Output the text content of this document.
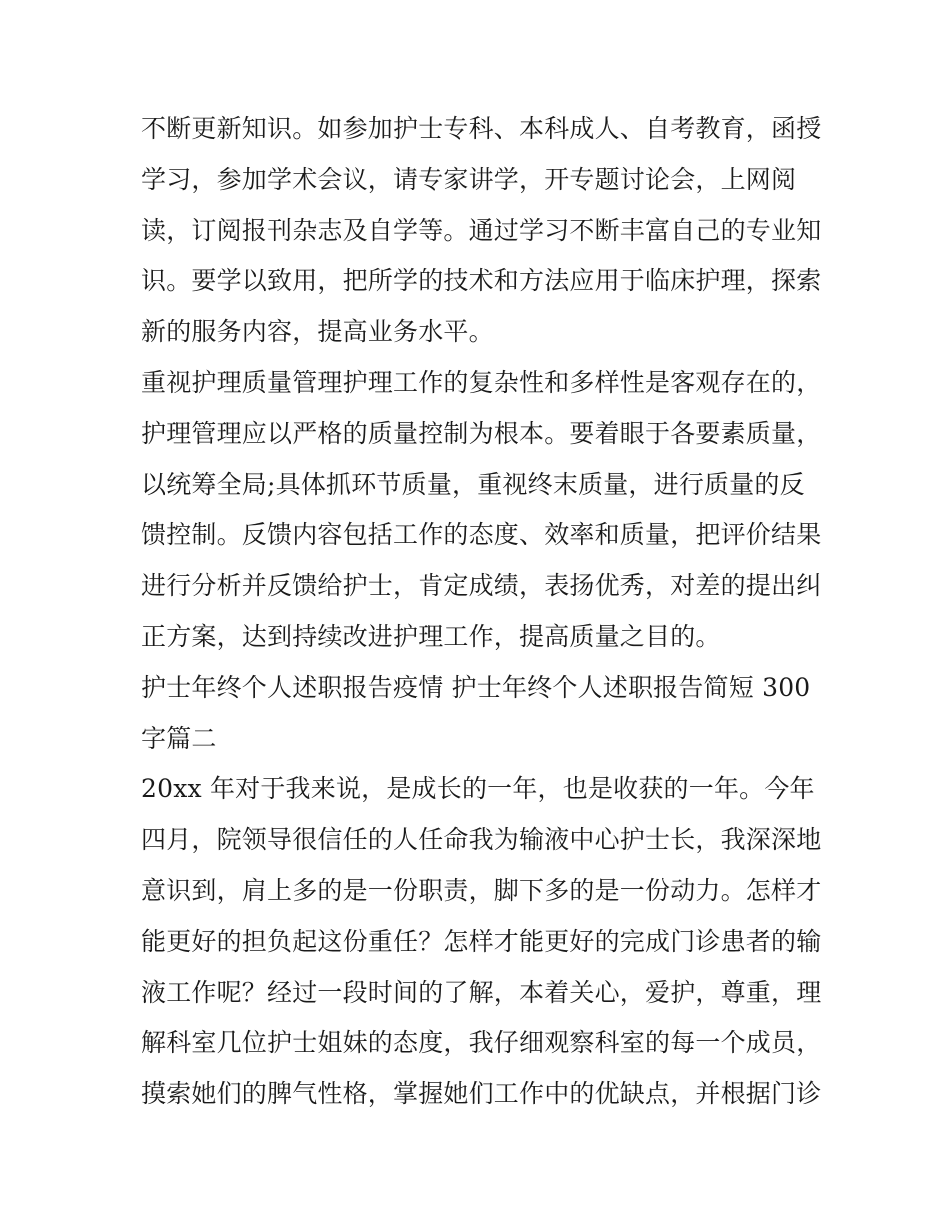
不断更新知识。如参加护士专科、本科成人、自考教育，函授
学习，参加学术会议，请专家讲学，开专题讨论会，上网阅
读，订阅报刊杂志及自学等。通过学习不断丰富自己的专业知
识。要学以致用，把所学的技术和方法应用于临床护理，探索
新的服务内容，提高业务水平。
重视护理质量管理护理工作的复杂性和多样性是客观存在的，
护理管理应以严格的质量控制为根本。要着眼于各要素质量，
以统筹全局;具体抓环节质量，重视终末质量，进行质量的反
馈控制。反馈内容包括工作的态度、效率和质量，把评价结果
进行分析并反馈给护士，肯定成绩，表扬优秀，对差的提出纠
正方案，达到持续改进护理工作，提高质量之目的。
护士年终个人述职报告疫情 护士年终个人述职报告简短 300
字篇二
20xx 年对于我来说，是成长的一年，也是收获的一年。今年
四月，院领导很信任的人任命我为输液中心护士长，我深深地
意识到，肩上多的是一份职责，脚下多的是一份动力。怎样才
能更好的担负起这份重任？怎样才能更好的完成门诊患者的输
液工作呢？经过一段时间的了解，本着关心，爱护，尊重，理
解科室几位护士姐妹的态度，我仔细观察科室的每一个成员，
摸索她们的脾气性格，掌握她们工作中的优缺点，并根据门诊
